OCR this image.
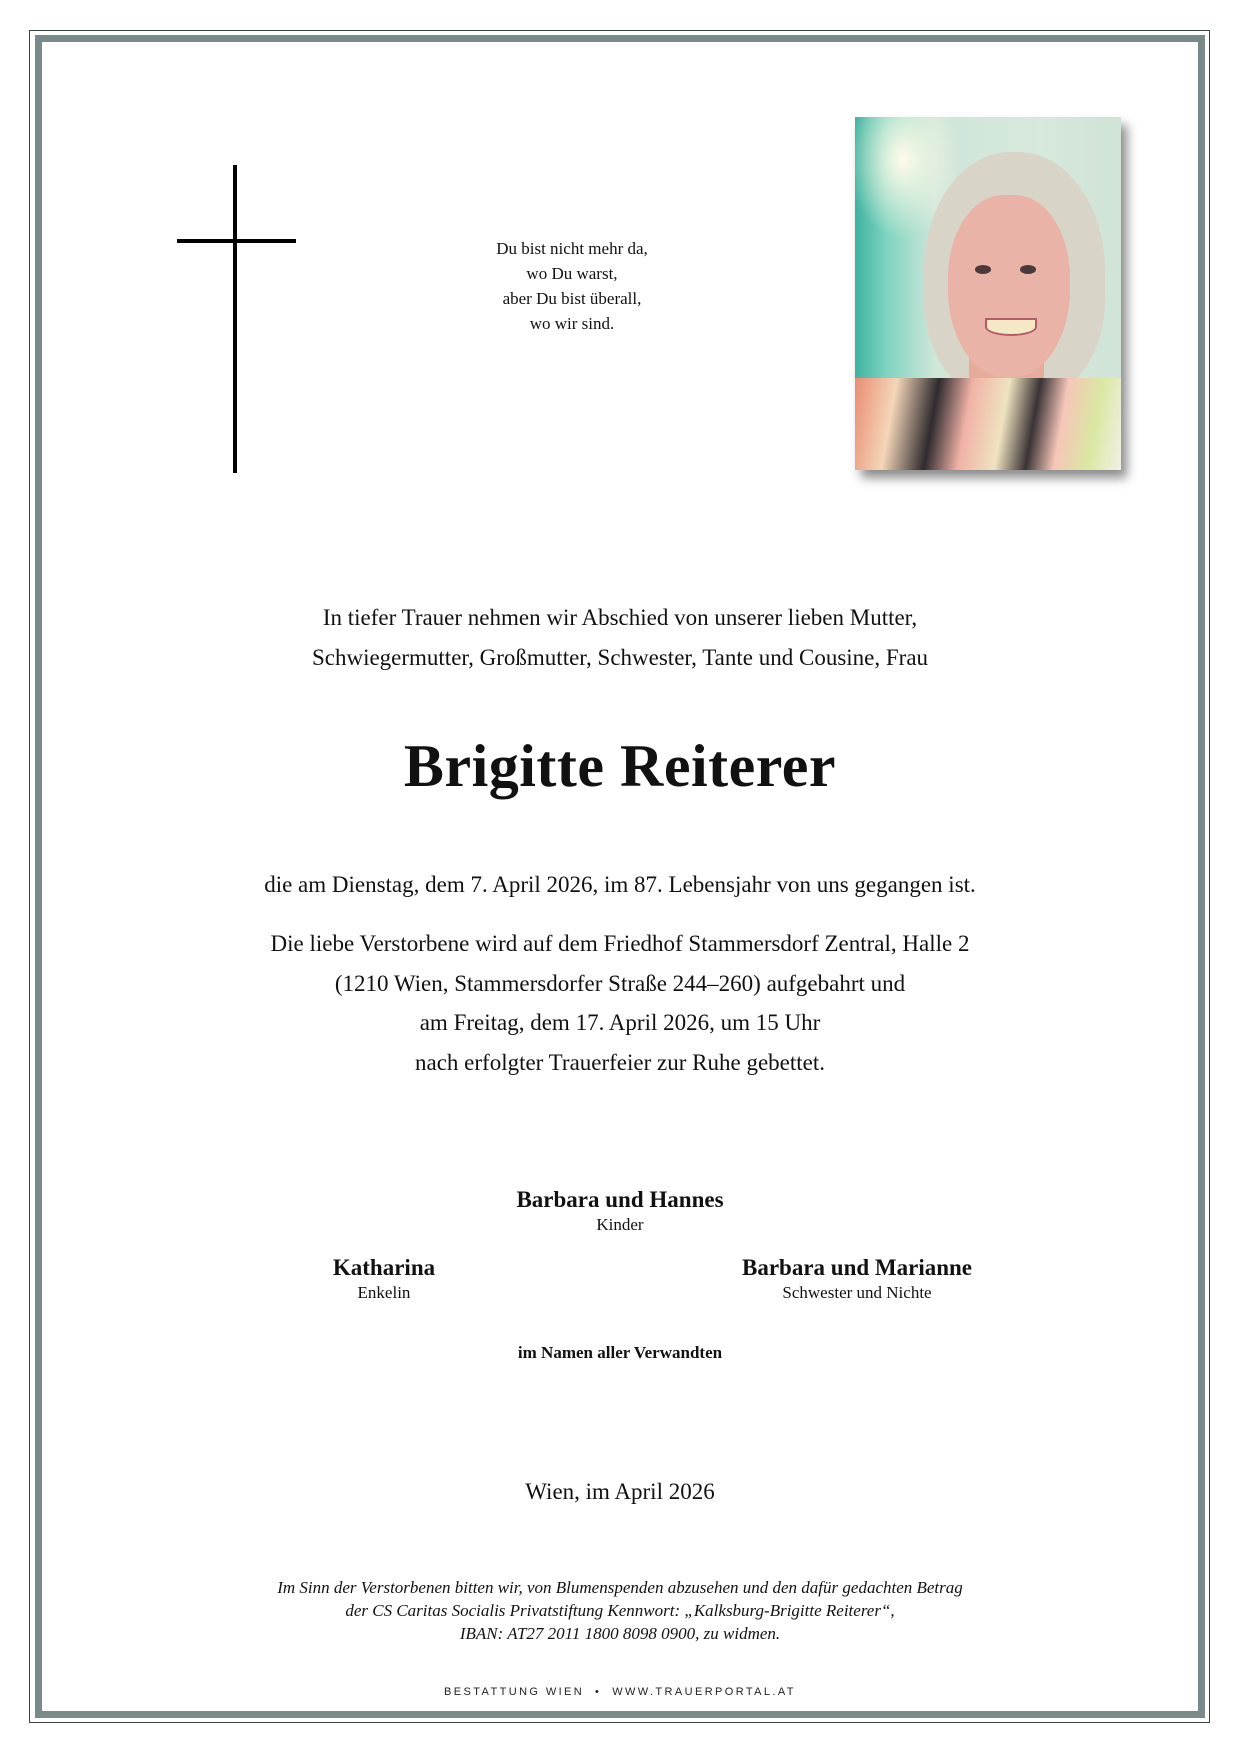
Du bist nicht mehr da,
wo Du warst,
aber Du bist überall,
wo wir sind.
In tiefer Trauer nehmen wir Abschied von unserer lieben Mutter,
Schwiegermutter, Großmutter, Schwester, Tante und Cousine, Frau
Brigitte Reiterer
die am Dienstag, dem 7. April 2026, im 87. Lebensjahr von uns gegangen ist.
Die liebe Verstorbene wird auf dem Friedhof Stammersdorf Zentral, Halle 2
(1210 Wien, Stammersdorfer Straße 244–260) aufgebahrt und
am Freitag, dem 17. April 2026, um 15 Uhr
nach erfolgter Trauerfeier zur Ruhe gebettet.
Barbara und Hannes
Kinder
Katharina
Enkelin
Barbara und Marianne
Schwester und Nichte
im Namen aller Verwandten
Wien, im April 2026
Im Sinn der Verstorbenen bitten wir, von Blumenspenden abzusehen und den dafür gedachten Betrag
der CS Caritas Socialis Privatstiftung Kennwort: „Kalksburg-Brigitte Reiterer“,
IBAN: AT27 2011 1800 8098 0900, zu widmen.
BESTATTUNG WIEN  •  WWW.TRAUERPORTAL.AT
